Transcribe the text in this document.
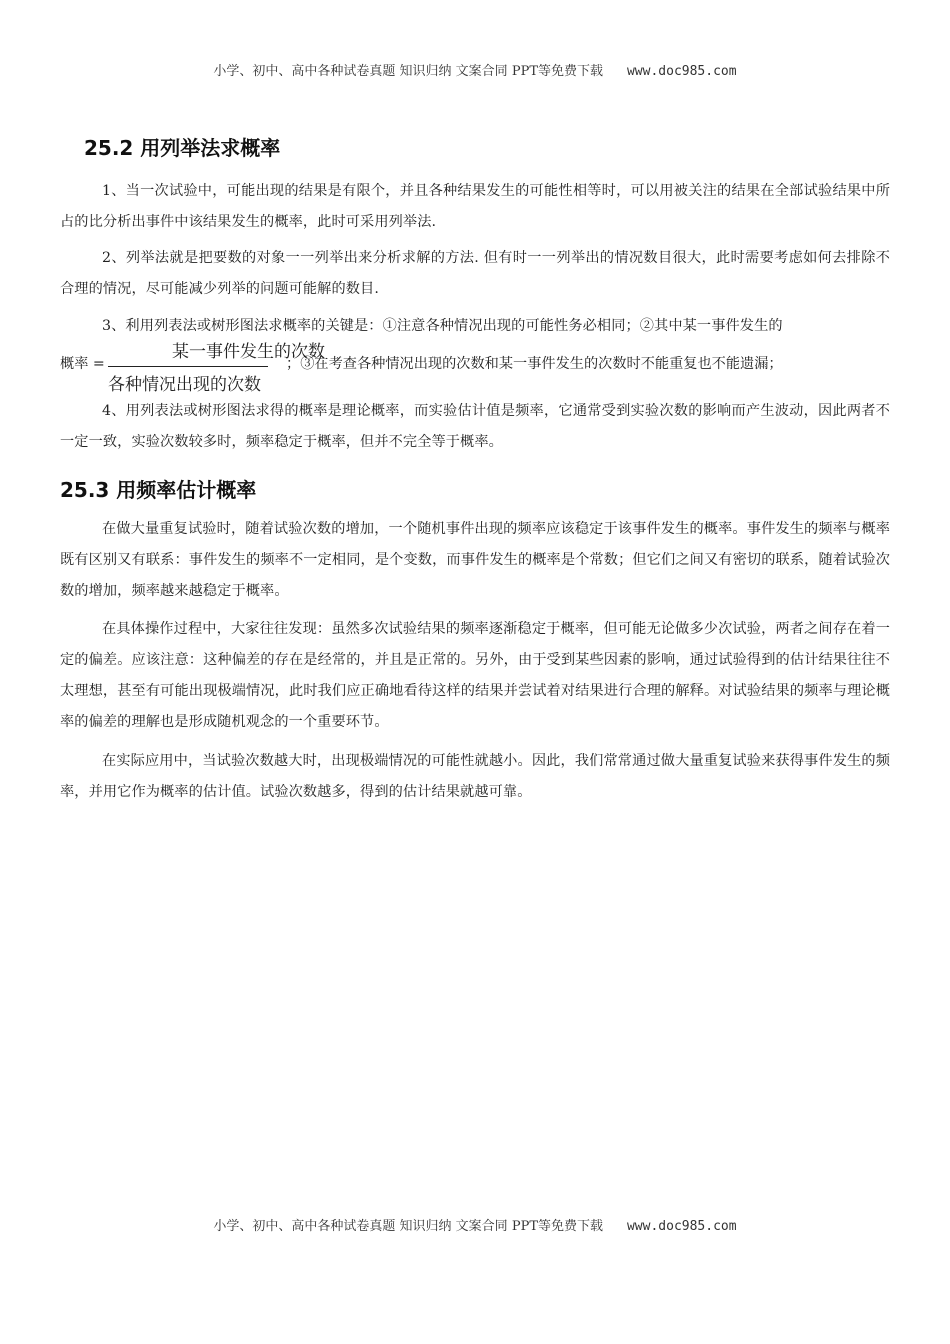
小学、初中、高中各种试卷真题 知识归纳 文案合同 PPT等免费下载 www.doc985.com
25.2 用列举法求概率
1、当一次试验中，可能出现的结果是有限个，并且各种结果发生的可能性相等时，可以用被关注的结果在全部试验结果中所占的比分析出事件中该结果发生的概率，此时可采用列举法.
2、列举法就是把要数的对象一一列举出来分析求解的方法. 但有时一一列举出的情况数目很大，此时需要考虑如何去排除不合理的情况，尽可能减少列举的问题可能解的数目.
3、利用列表法或树形图法求概率的关键是：①注意各种情况出现的可能性务必相同；②其中某一事件发生的
概率 =
某一事件发生的次数
各种情况出现的次数
；③在考查各种情况出现的次数和某一事件发生的次数时不能重复也不能遗漏；
4、用列表法或树形图法求得的概率是理论概率，而实验估计值是频率，它通常受到实验次数的影响而产生波动，因此两者不一定一致，实验次数较多时，频率稳定于概率，但并不完全等于概率。
25.3 用频率估计概率
在做大量重复试验时，随着试验次数的增加，一个随机事件出现的频率应该稳定于该事件发生的概率。事件发生的频率与概率既有区别又有联系：事件发生的频率不一定相同，是个变数，而事件发生的概率是个常数；但它们之间又有密切的联系，随着试验次数的增加，频率越来越稳定于概率。
在具体操作过程中，大家往往发现：虽然多次试验结果的频率逐渐稳定于概率，但可能无论做多少次试验，两者之间存在着一定的偏差。应该注意：这种偏差的存在是经常的，并且是正常的。另外，由于受到某些因素的影响，通过试验得到的估计结果往往不太理想，甚至有可能出现极端情况，此时我们应正确地看待这样的结果并尝试着对结果进行合理的解释。对试验结果的频率与理论概率的偏差的理解也是形成随机观念的一个重要环节。
在实际应用中，当试验次数越大时，出现极端情况的可能性就越小。因此，我们常常通过做大量重复试验来获得事件发生的频率，并用它作为概率的估计值。试验次数越多，得到的估计结果就越可靠。
小学、初中、高中各种试卷真题 知识归纳 文案合同 PPT等免费下载 www.doc985.com
